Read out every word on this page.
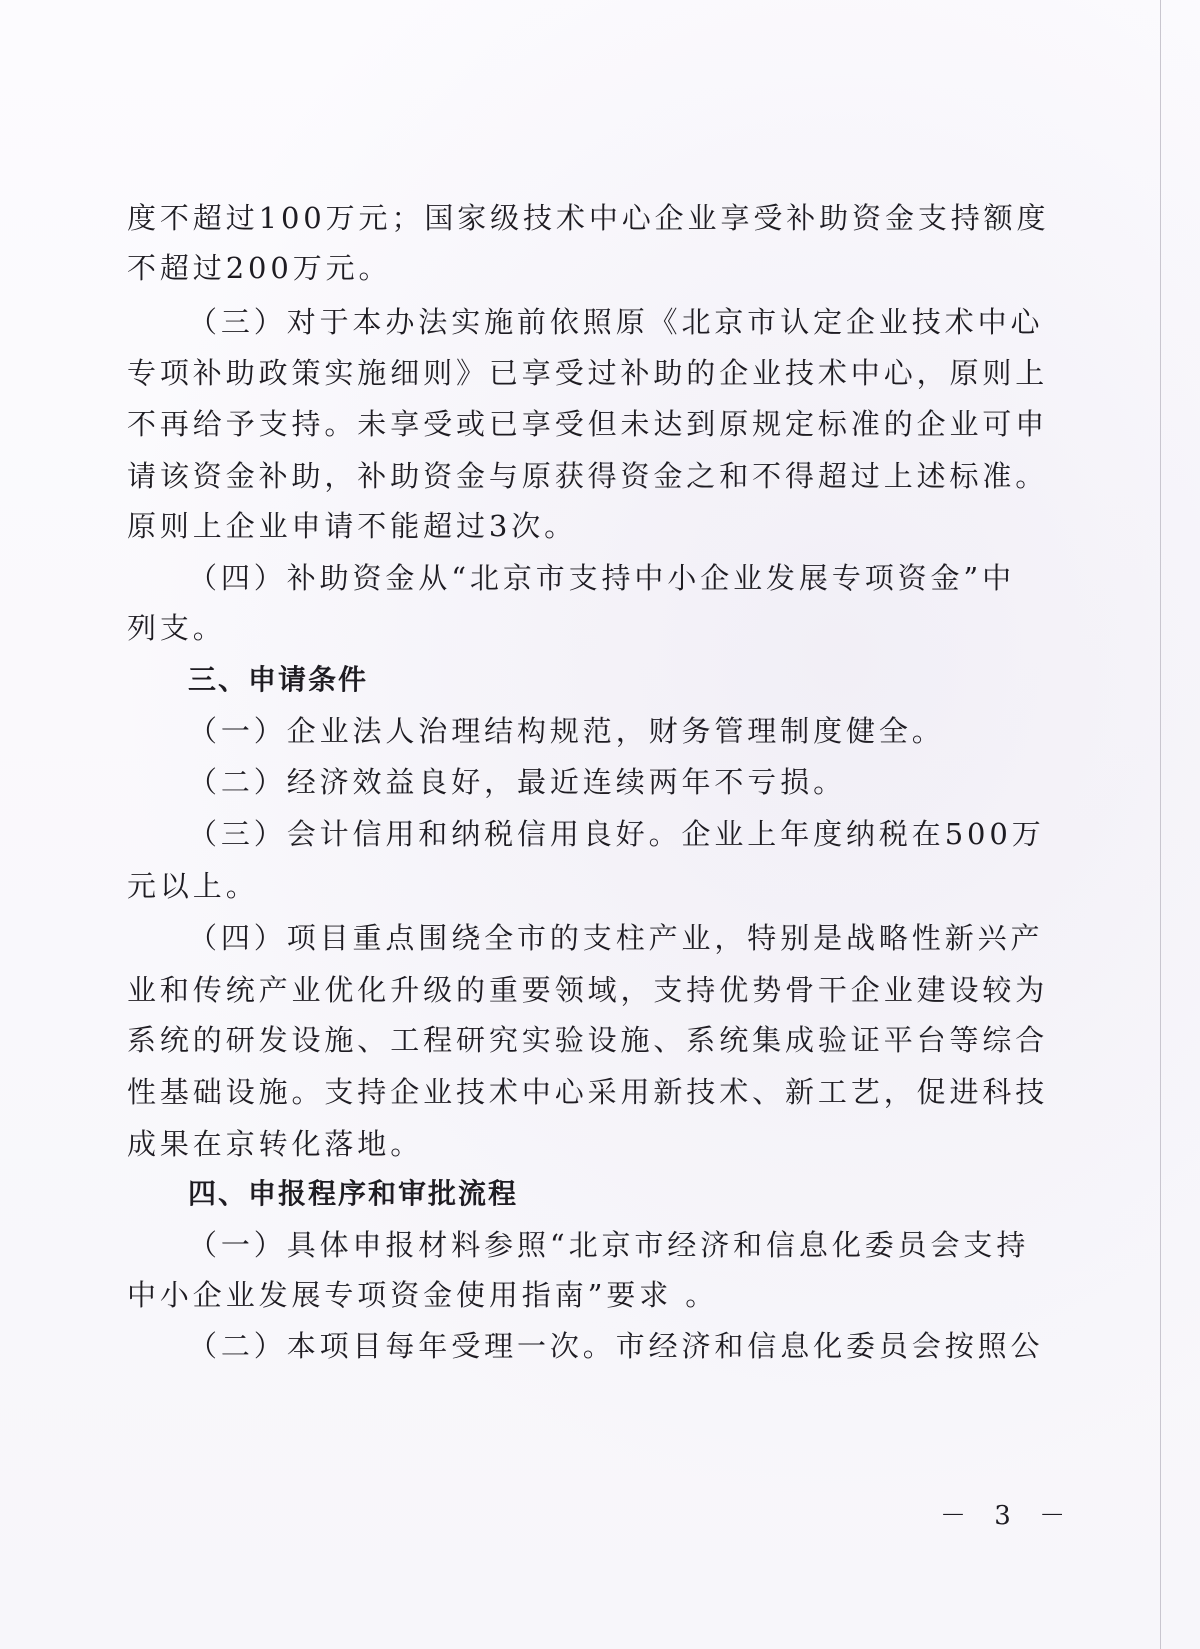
度不超过100万元；国家级技术中心企业享受补助资金支持额度
不超过200万元。
（三）对于本办法实施前依照原《北京市认定企业技术中心
专项补助政策实施细则》已享受过补助的企业技术中心，原则上
不再给予支持。未享受或已享受但未达到原规定标准的企业可申
请该资金补助，补助资金与原获得资金之和不得超过上述标准。
原则上企业申请不能超过3次。
（四）补助资金从“北京市支持中小企业发展专项资金”中
列支。
三、申请条件
（一）企业法人治理结构规范，财务管理制度健全。
（二）经济效益良好，最近连续两年不亏损。
（三）会计信用和纳税信用良好。企业上年度纳税在500万
元以上。
（四）项目重点围绕全市的支柱产业，特别是战略性新兴产
业和传统产业优化升级的重要领域，支持优势骨干企业建设较为
系统的研发设施、工程研究实验设施、系统集成验证平台等综合
性基础设施。支持企业技术中心采用新技术、新工艺，促进科技
成果在京转化落地。
四、申报程序和审批流程
（一）具体申报材料参照“北京市经济和信息化委员会支持
中小企业发展专项资金使用指南”要求 。
（二）本项目每年受理一次。市经济和信息化委员会按照公
－ 3 －
